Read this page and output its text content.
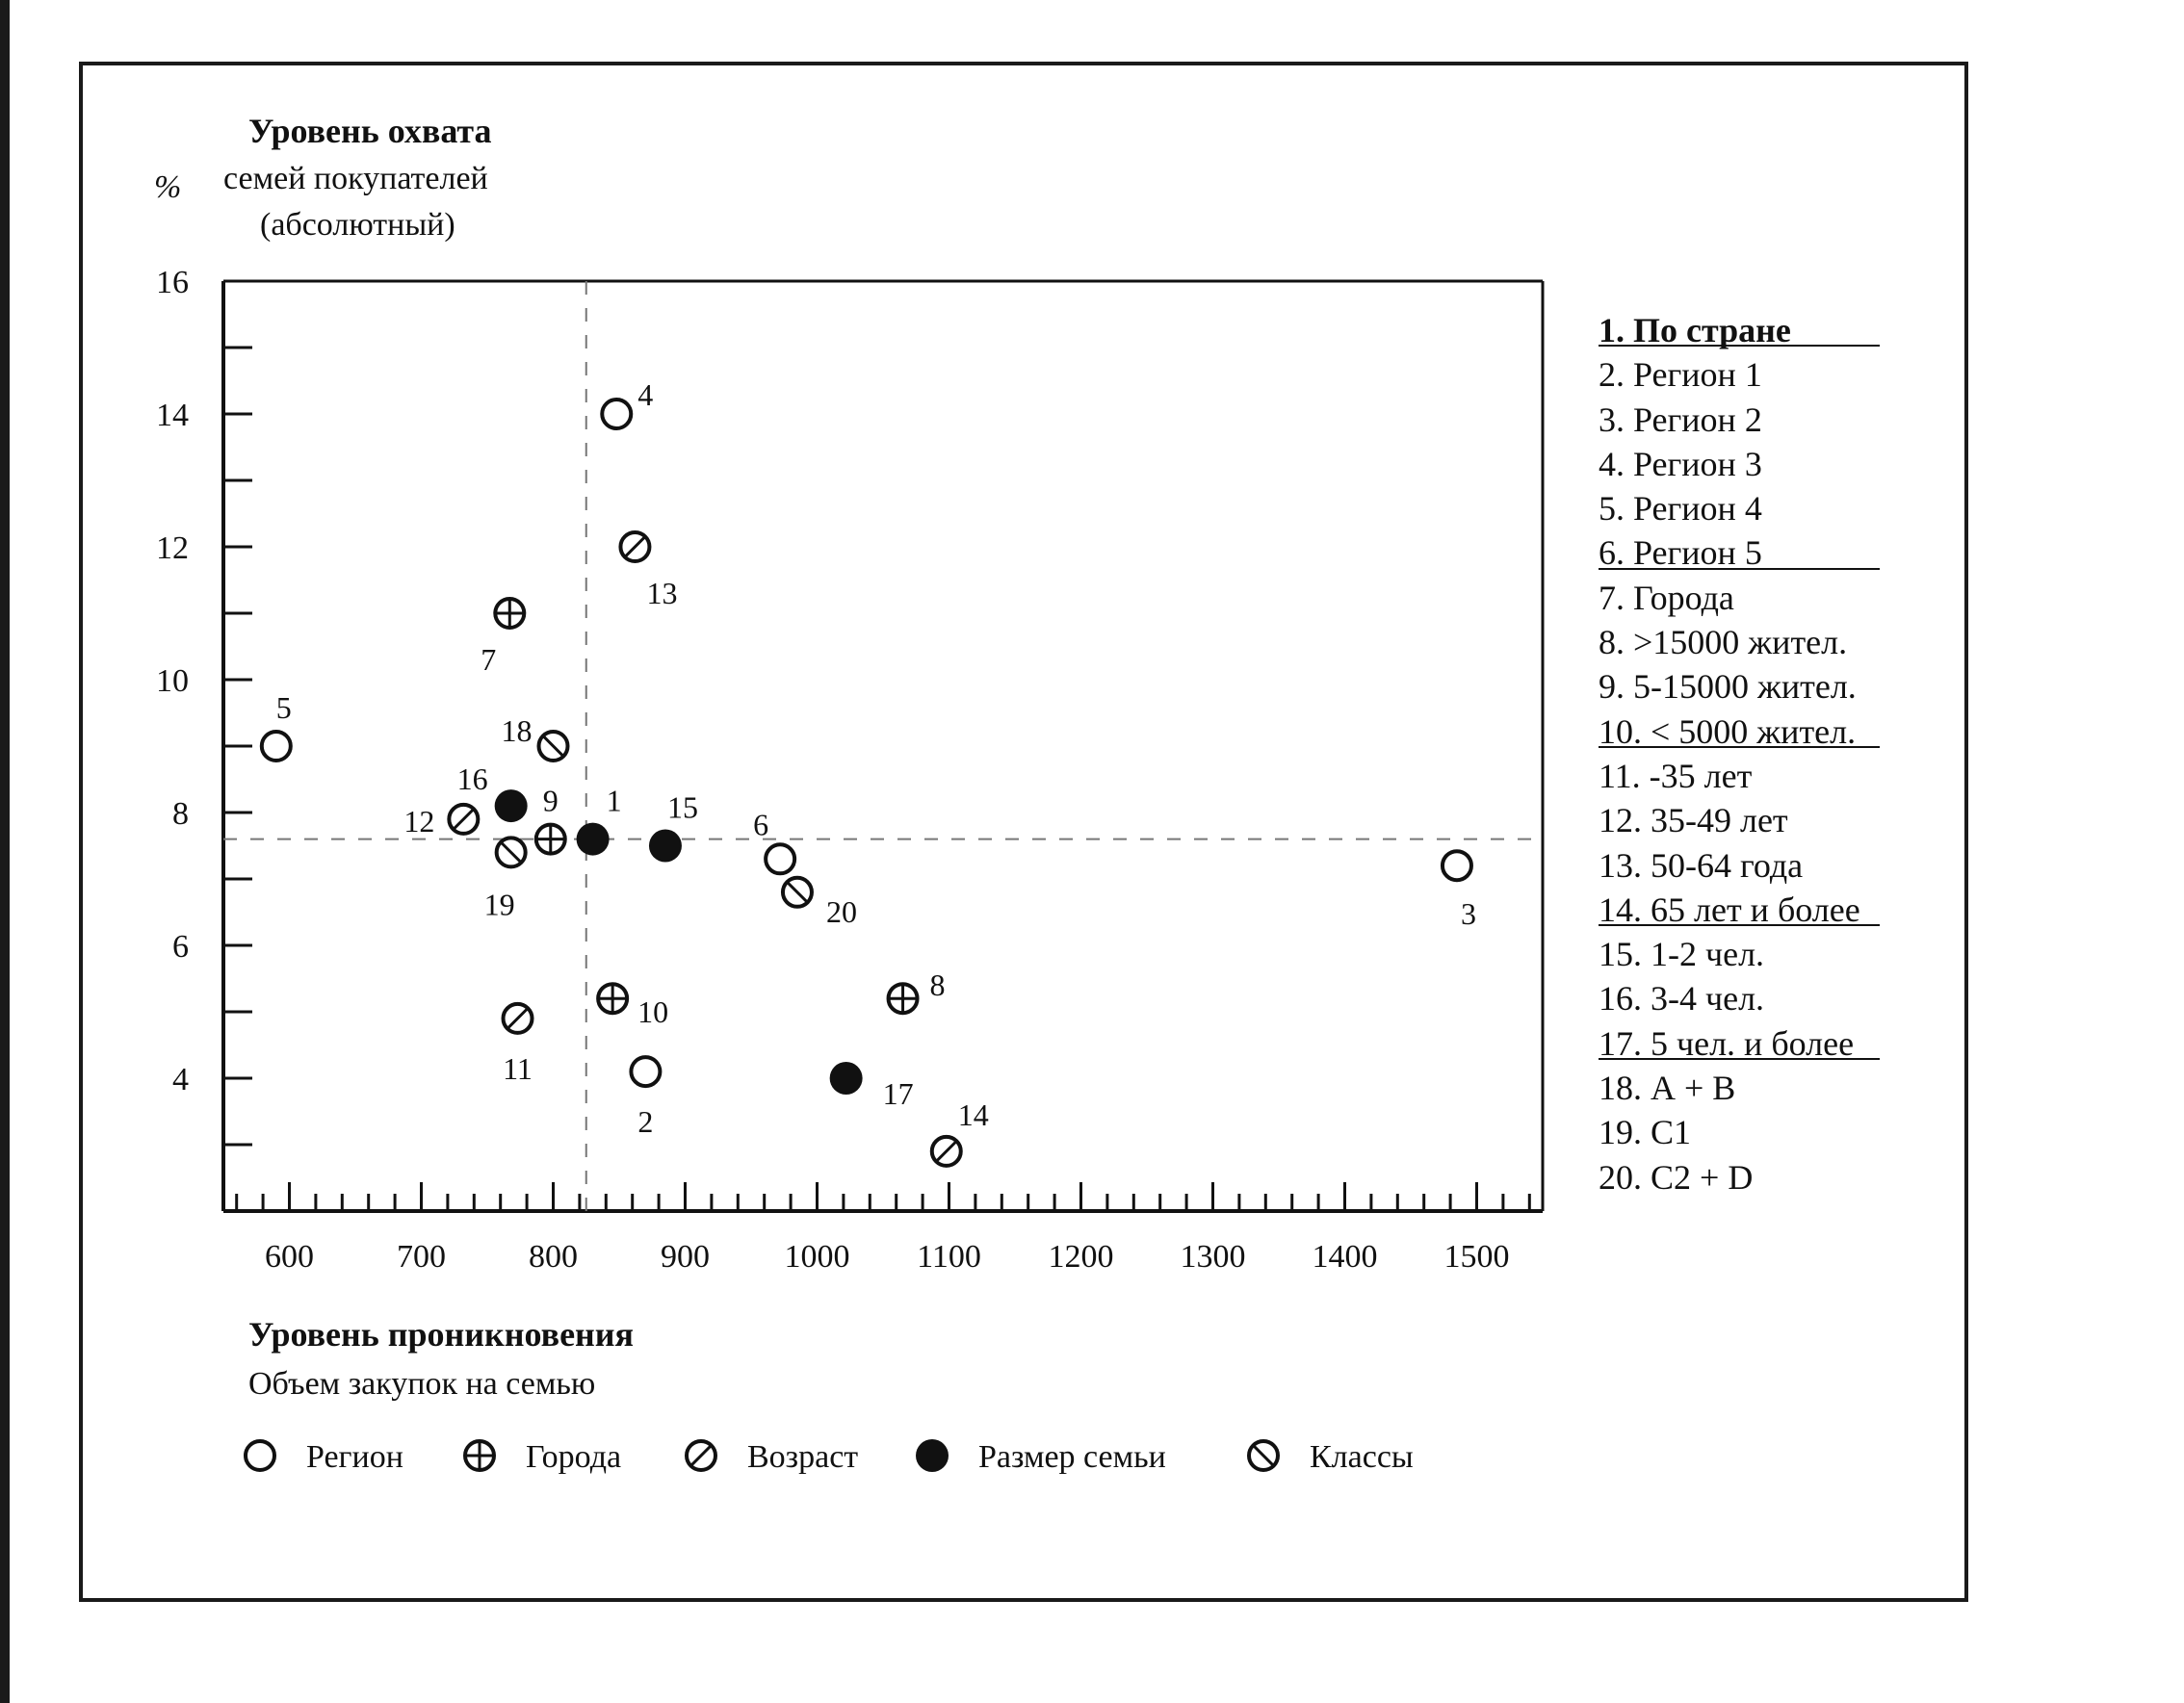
Уровень охвата
% семей покупателей
(абсолютный)
Уровень проникновения
Объем закупок на семью
600	700	800	900 1000 1100 1200 1300 1400 1500
4
6
8
10
12
14
16
1
2
3
4
5
6
7
8
9
10
11
12
13
14
15
16
17
18
19	20
Регион	Города	Возраст	Размер семьи	Классы
1. По стране
2. Регион 1
3. Регион 2
4. Регион 3
5. Регион 4
6. Регион 5
7. Города
8. >15000 жител.
9. 5-15000 жител.
10. < 5000 жител.
11. -35 лет
12. 35-49 лет
13. 50-64 года
14. 65 лет и более
15. 1-2 чел.
16. 3-4 чел.
17. 5 чел. и более
18. А + В
19. С1
20. С2 + D
